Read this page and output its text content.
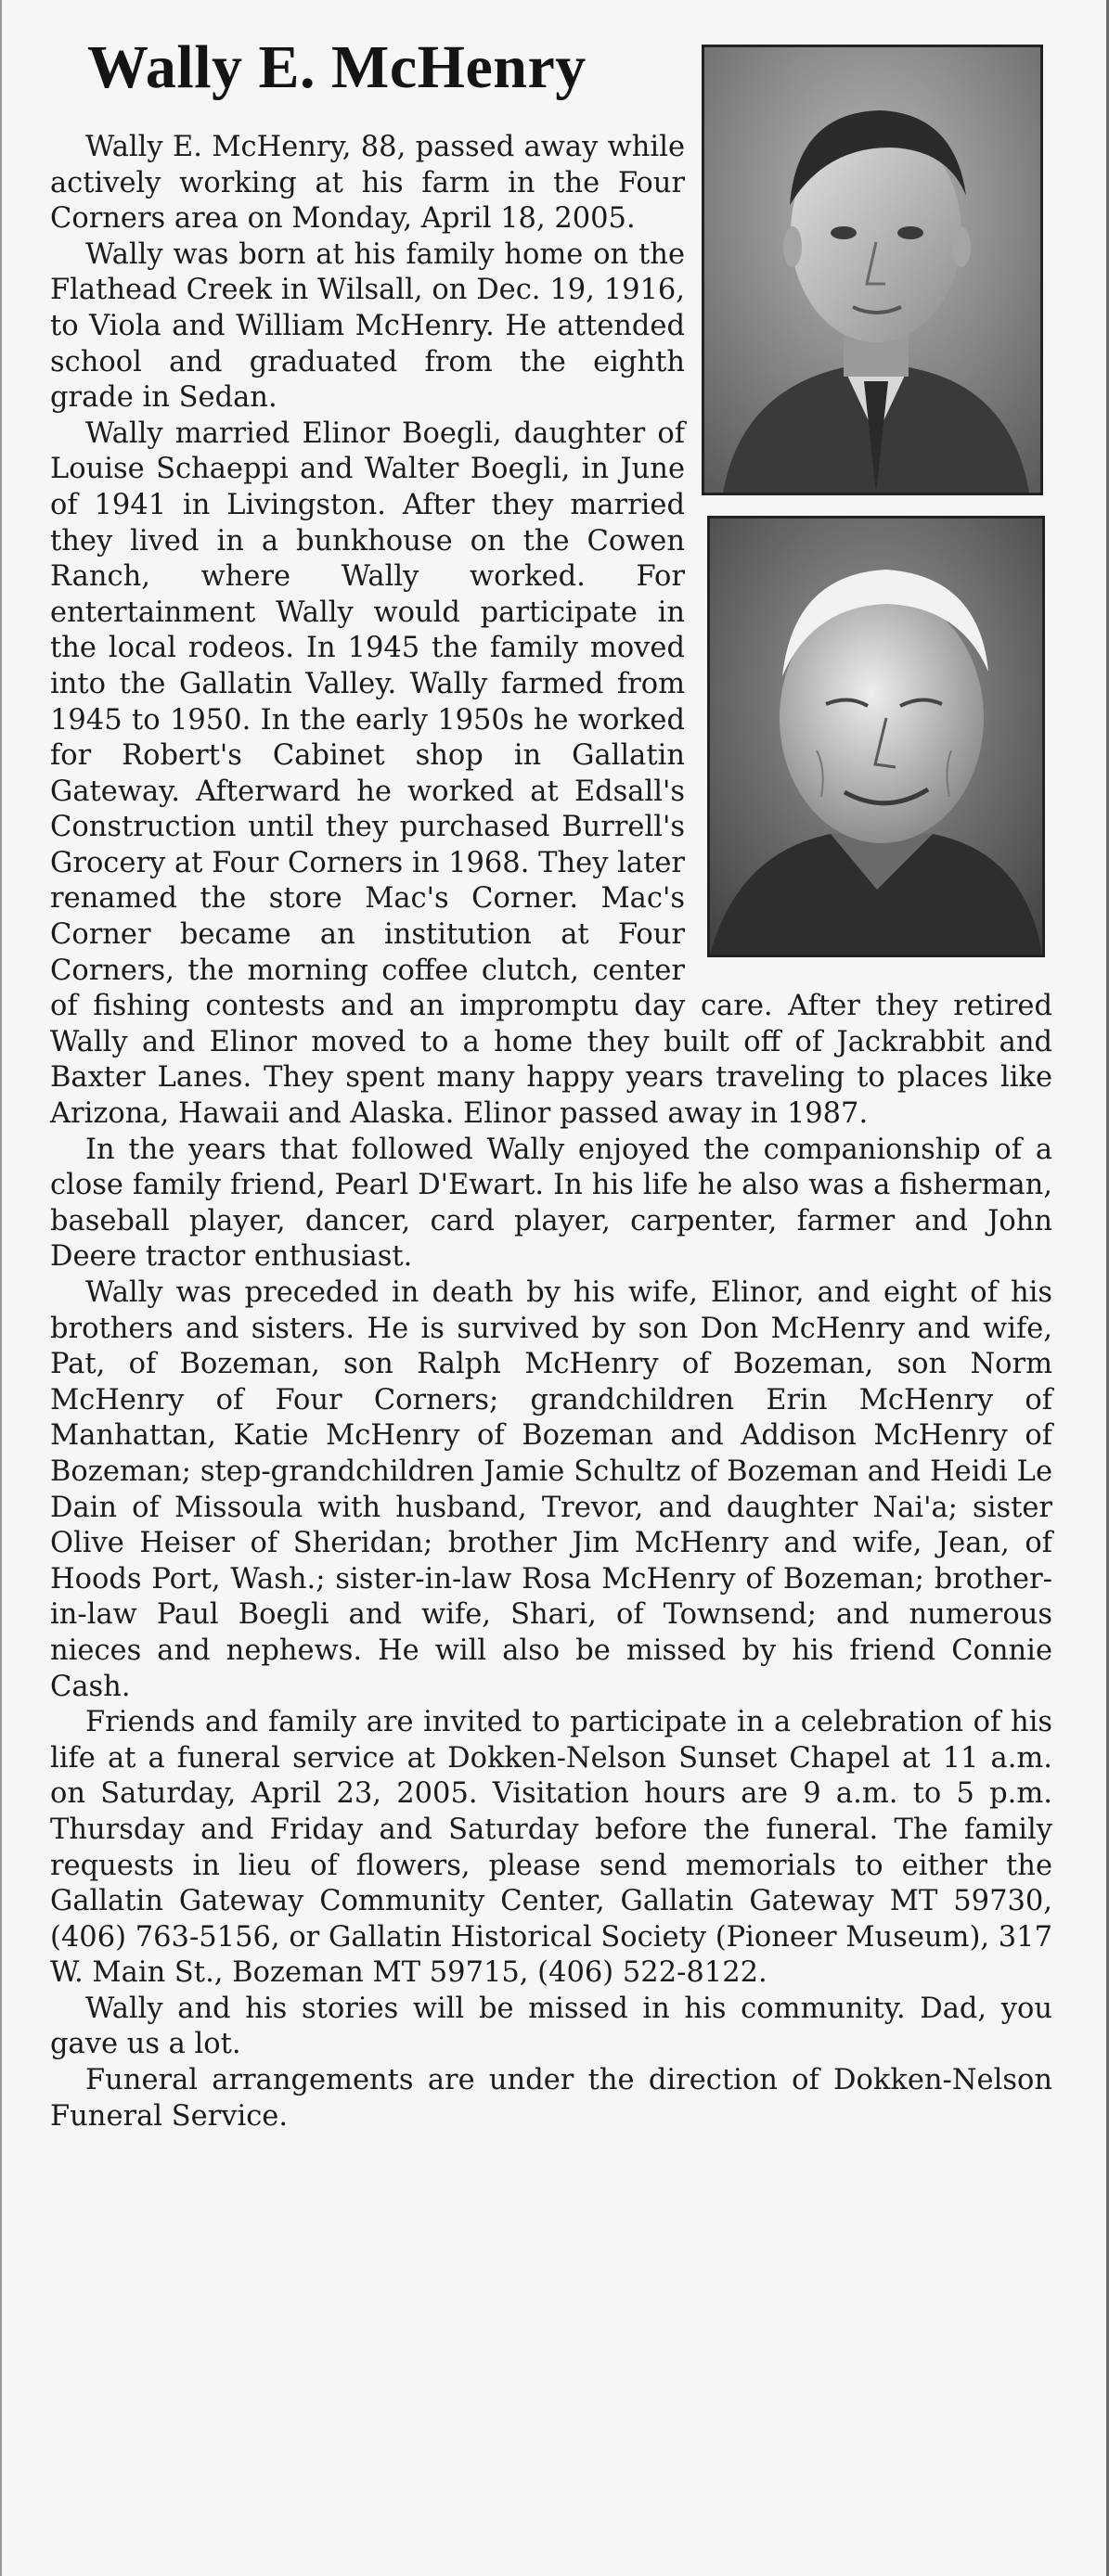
Wally E. McHenry

Wally E. McHenry, 88, passed away while actively working at his farm in the Four Corners area on Monday, April 18, 2005.

Wally was born at his family home on the Flathead Creek in Wilsall, on Dec. 19, 1916, to Viola and William McHenry. He attended school and graduated from the eighth grade in Sedan.

Wally married Elinor Boegli, daughter of Louise Schaeppi and Walter Boegli, in June of 1941 in Livingston. After they married they lived in a bunkhouse on the Cowen Ranch, where Wally worked. For entertainment Wally would participate in the local rodeos. In 1945 the family moved into the Gallatin Valley. Wally farmed from 1945 to 1950. In the early 1950s he worked for Robert's Cabinet shop in Gallatin Gateway. Afterward he worked at Edsall's Construction until they purchased Burrell's Grocery at Four Corners in 1968. They later renamed the store Mac's Corner. Mac's Corner became an institution at Four Corners, the morning coffee clutch, center of fishing contests and an impromptu day care. After they retired Wally and Elinor moved to a home they built off of Jackrabbit and Baxter Lanes. They spent many happy years traveling to places like Arizona, Hawaii and Alaska. Elinor passed away in 1987.

In the years that followed Wally enjoyed the companionship of a close family friend, Pearl D'Ewart. In his life he also was a fisherman, baseball player, dancer, card player, carpenter, farmer and John Deere tractor enthusiast.

Wally was preceded in death by his wife, Elinor, and eight of his brothers and sisters. He is survived by son Don McHenry and wife, Pat, of Bozeman, son Ralph McHenry of Bozeman, son Norm McHenry of Four Corners; grandchildren Erin McHenry of Manhattan, Katie McHenry of Bozeman and Addison McHenry of Bozeman; step-grandchildren Jamie Schultz of Bozeman and Heidi Le Dain of Missoula with husband, Trevor, and daughter Nai'a; sister Olive Heiser of Sheridan; brother Jim McHenry and wife, Jean, of Hoods Port, Wash.; sister-in-law Rosa McHenry of Bozeman; brother-in-law Paul Boegli and wife, Shari, of Townsend; and numerous nieces and nephews. He will also be missed by his friend Connie Cash.

Friends and family are invited to participate in a celebration of his life at a funeral service at Dokken-Nelson Sunset Chapel at 11 a.m. on Saturday, April 23, 2005. Visitation hours are 9 a.m. to 5 p.m. Thursday and Friday and Saturday before the funeral. The family requests in lieu of flowers, please send memorials to either the Gallatin Gateway Community Center, Gallatin Gateway MT 59730, (406) 763-5156, or Gallatin Historical Society (Pioneer Museum), 317 W. Main St., Bozeman MT 59715, (406) 522-8122.

Wally and his stories will be missed in his community. Dad, you gave us a lot.

Funeral arrangements are under the direction of Dokken-Nelson Funeral Service.
